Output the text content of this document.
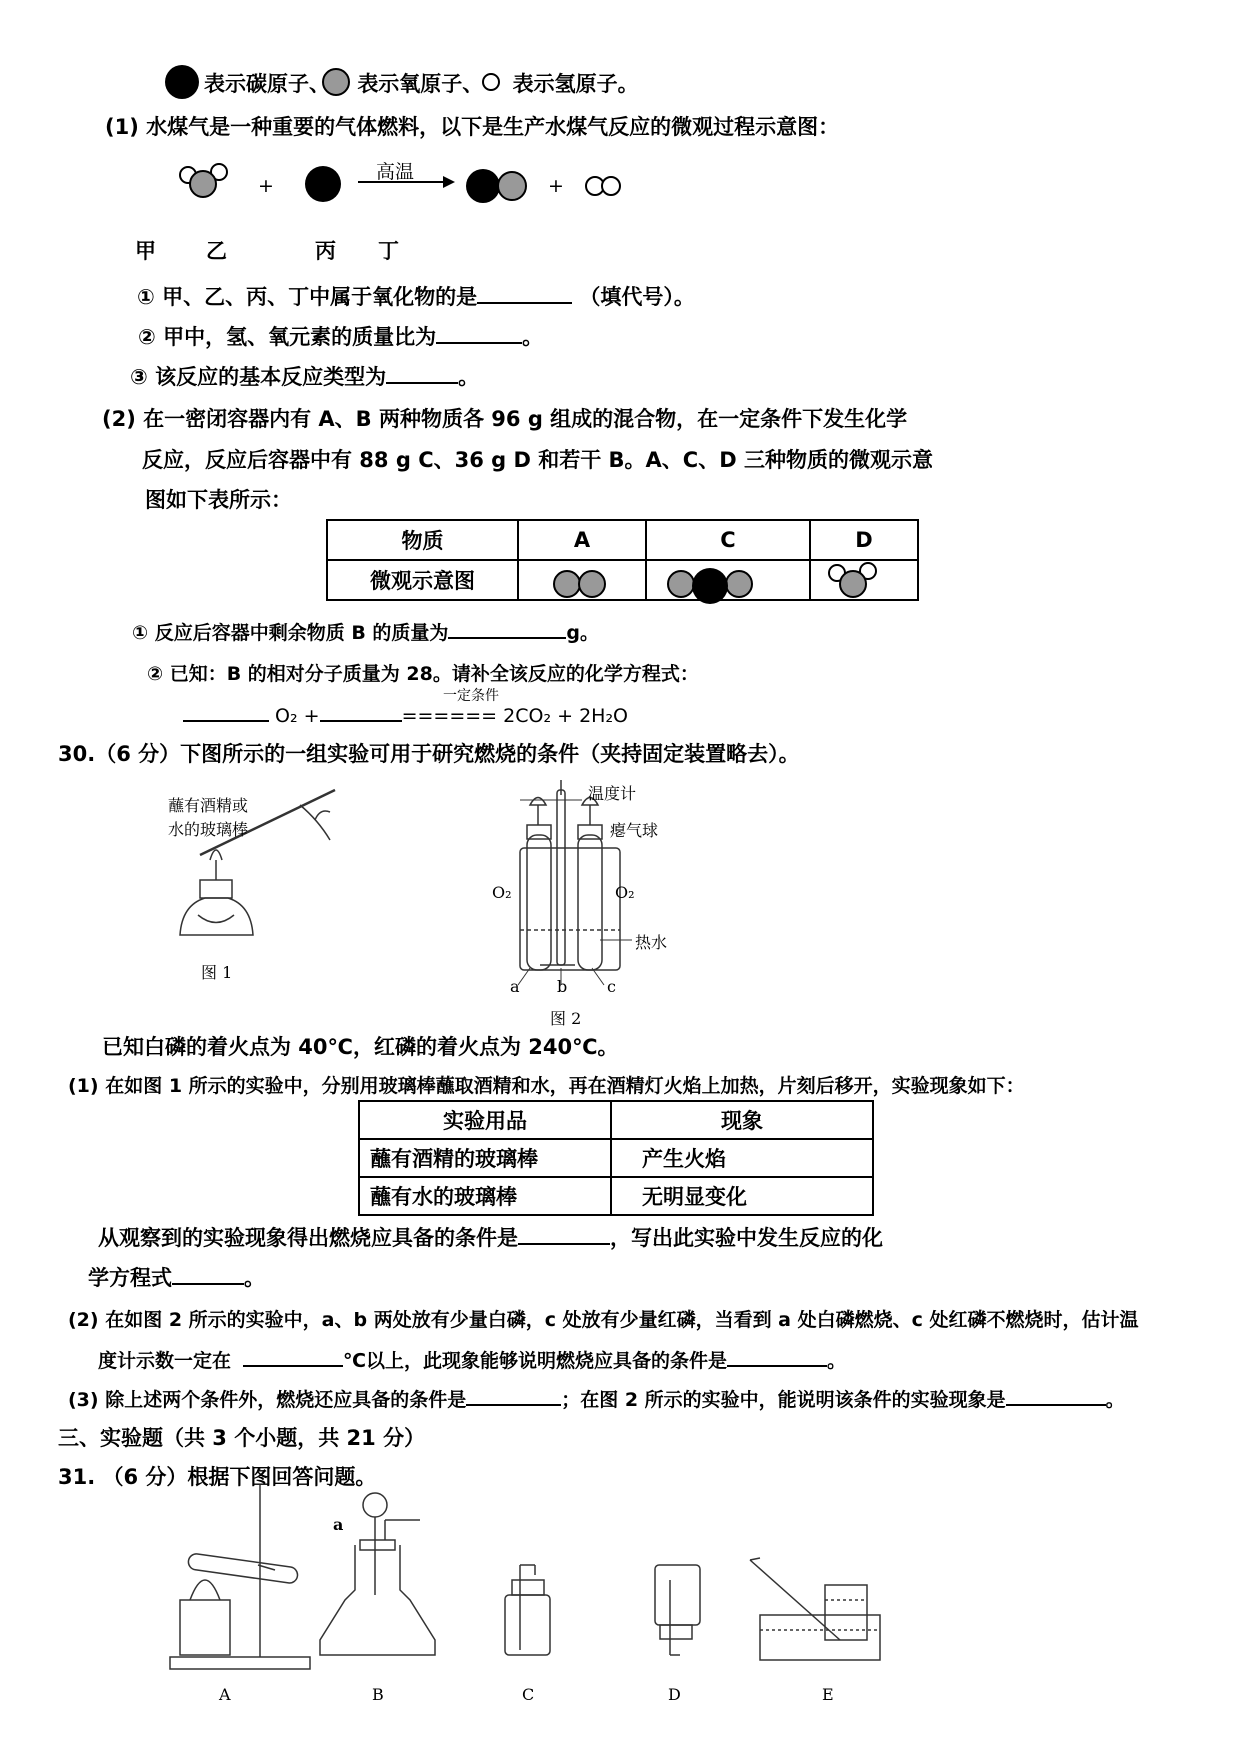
表示碳原子、 表示氧原子、 表示氢原子。
(1) 水煤气是一种重要的气体燃料，以下是生产水煤气反应的微观过程示意图：
高温
+	+
甲 乙	丙 丁
① 甲、乙、丙、丁中属于氧化物的是	（填代号）。
② 甲中，氢、氧元素的质量比为	。
③ 该反应的基本反应类型为	。
(2) 在一密闭容器内有 A、B 两种物质各 96 g 组成的混合物，在一定条件下发生化学
反应，反应后容器中有 88 g C、36 g D 和若干 B。A、C、D 三种物质的微观示意
图如下表所示：
物质	A	C	D
微观示意图			
① 反应后容器中剩余物质 B 的质量为	g。
② 已知：B 的相对分子质量为 28。请补全该反应的化学方程式：
O₂ +	====== 2CO₂ + 2H₂O
一定条件
30.（6 分）下图所示的一组实验可用于研究燃烧的条件（夹持固定装置略去）。
蘸有酒精或
水的玻璃棒
图 1
温度计
瘪气球
O₂	O₂
热水
a b c
图 2
已知白磷的着火点为 40℃，红磷的着火点为 240℃。
(1) 在如图 1 所示的实验中，分别用玻璃棒蘸取酒精和水，再在酒精灯火焰上加热，片刻后移开，实验现象如下：
实验用品	现象
蘸有酒精的玻璃棒	产生火焰
蘸有水的玻璃棒	无明显变化
从观察到的实验现象得出燃烧应具备的条件是	，写出此实验中发生反应的化
学方程式	。
(2) 在如图 2 所示的实验中，a、b 两处放有少量白磷，c 处放有少量红磷，当看到 a 处白磷燃烧、c 处红磷不燃烧时，估计温
度计示数一定在	℃以上，此现象能够说明燃烧应具备的条件是	。
(3) 除上述两个条件外，燃烧还应具备的条件是	；在图 2 所示的实验中，能说明该条件的实验现象是	。
三、实验题（共 3 个小题，共 21 分）
31. （6 分）根据下图回答问题。
a
A	B	C	D	E
